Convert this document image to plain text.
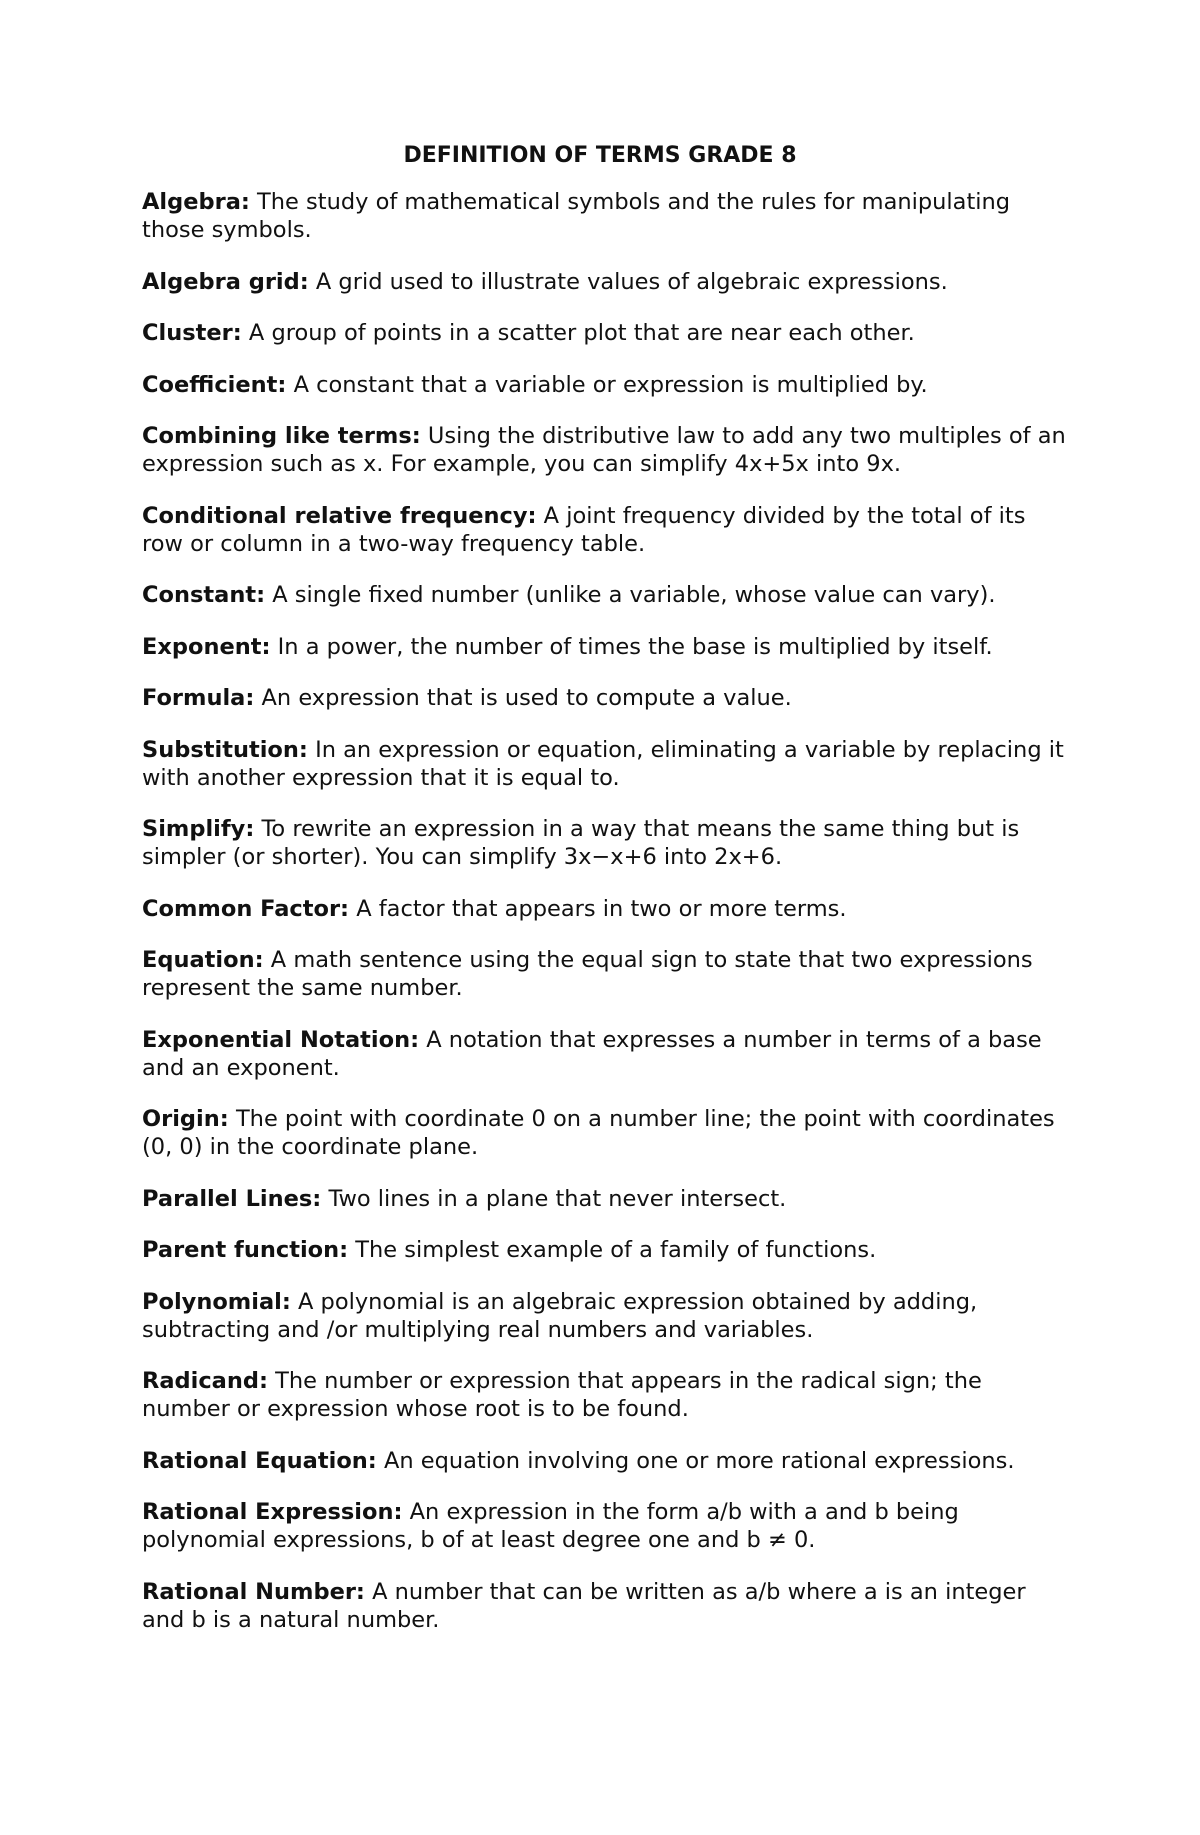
DEFINITION OF TERMS GRADE 8
Algebra: The study of mathematical symbols and the rules for manipulating those symbols.
Algebra grid: A grid used to illustrate values of algebraic expressions.
Cluster: A group of points in a scatter plot that are near each other.
Coefficient: A constant that a variable or expression is multiplied by.
Combining like terms: Using the distributive law to add any two multiples of an expression such as x. For example, you can simplify 4x+5x into 9x.
Conditional relative frequency: A joint frequency divided by the total of its row or column in a two-way frequency table.
Constant: A single fixed number (unlike a variable, whose value can vary).
Exponent: In a power, the number of times the base is multiplied by itself.
Formula: An expression that is used to compute a value.
Substitution: In an expression or equation, eliminating a variable by replacing it with another expression that it is equal to.
Simplify: To rewrite an expression in a way that means the same thing but is simpler (or shorter). You can simplify 3x−x+6 into 2x+6.
Common Factor: A factor that appears in two or more terms.
Equation: A math sentence using the equal sign to state that two expressions represent the same number.
Exponential Notation: A notation that expresses a number in terms of a base and an exponent.
Origin: The point with coordinate 0 on a number line; the point with coordinates (0, 0) in the coordinate plane.
Parallel Lines: Two lines in a plane that never intersect.
Parent function: The simplest example of a family of functions.
Polynomial: A polynomial is an algebraic expression obtained by adding, subtracting and /or multiplying real numbers and variables.
Radicand: The number or expression that appears in the radical sign; the number or expression whose root is to be found.
Rational Equation: An equation involving one or more rational expressions.
Rational Expression: An expression in the form a/b with a and b being polynomial expressions, b of at least degree one and b ≠ 0.
Rational Number: A number that can be written as a/b where a is an integer and b is a natural number.
